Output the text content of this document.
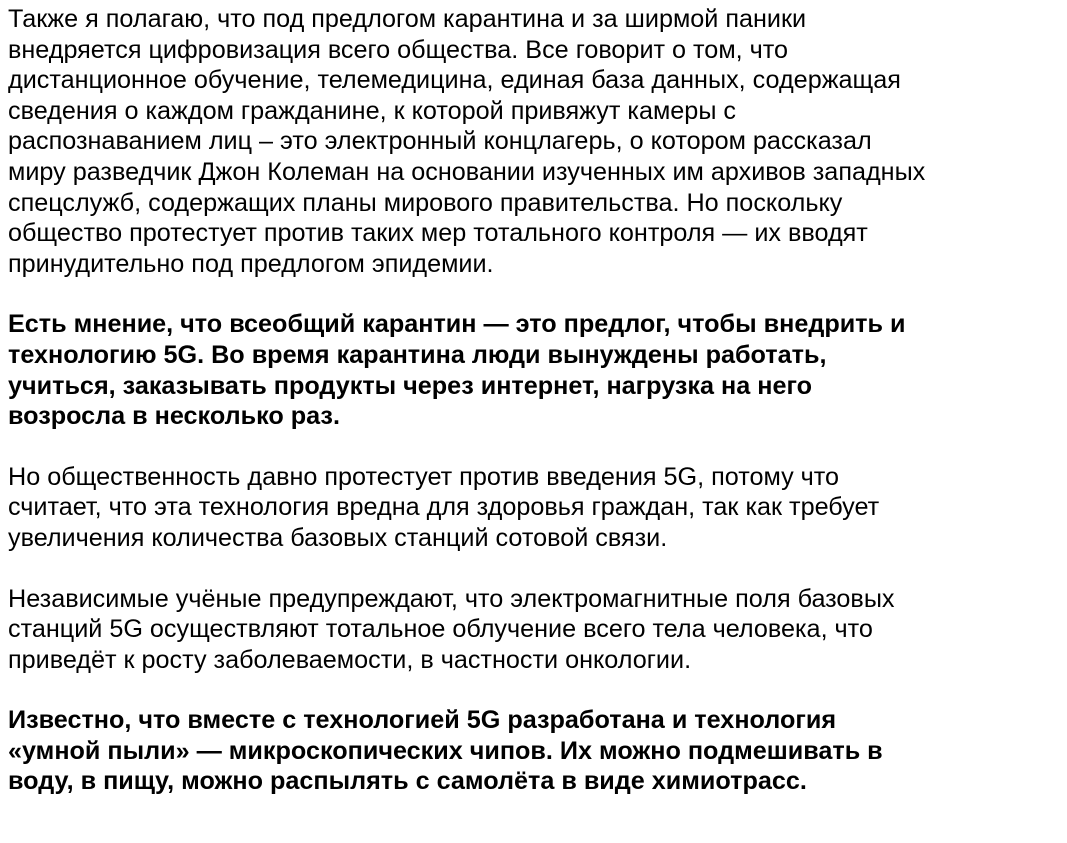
Также я полагаю, что под предлогом карантина и за ширмой паники
внедряется цифровизация всего общества. Все говорит о том, что
дистанционное обучение, телемедицина, единая база данных, содержащая
сведения о каждом гражданине, к которой привяжут камеры с
распознаванием лиц – это электронный концлагерь, о котором рассказал
миру разведчик Джон Колеман на основании изученных им архивов западных
спецслужб, содержащих планы мирового правительства. Но поскольку
общество протестует против таких мер тотального контроля — их вводят
принудительно под предлогом эпидемии.

Есть мнение, что всеобщий карантин — это предлог, чтобы внедрить и
технологию 5G. Во время карантина люди вынуждены работать,
учиться, заказывать продукты через интернет, нагрузка на него
возросла в несколько раз.

Но общественность давно протестует против введения 5G, потому что
считает, что эта технология вредна для здоровья граждан, так как требует
увеличения количества базовых станций сотовой связи.

Независимые учёные предупреждают, что электромагнитные поля базовых
станций 5G осуществляют тотальное облучение всего тела человека, что
приведёт к росту заболеваемости, в частности онкологии.

Известно, что вместе с технологией 5G разработана и технология
«умной пыли» — микроскопических чипов. Их можно подмешивать в
воду, в пищу, можно распылять с самолёта в виде химиотрасс.
